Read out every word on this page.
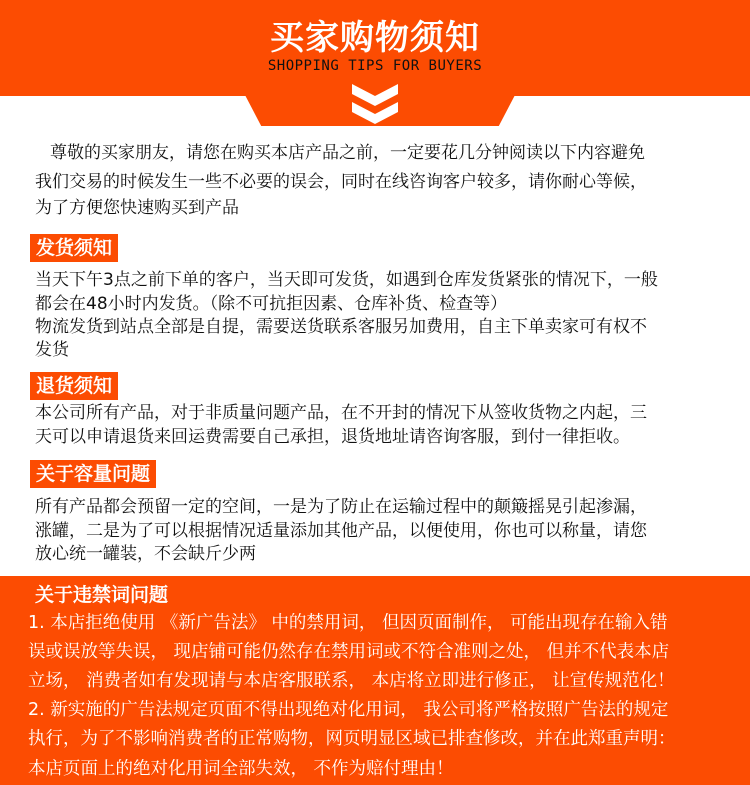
买家购物须知
SHOPPING TIPS FOR BUYERS
尊敬的买家朋友，请您在购买本店产品之前，一定要花几分钟阅读以下内容避免
我们交易的时候发生一些不必要的误会，同时在线咨询客户较多，请你耐心等候，
为了方便您快速购买到产品
发货须知
当天下午3点之前下单的客户，当天即可发货，如遇到仓库发货紧张的情况下，一般
都会在48小时内发货。（除不可抗拒因素、仓库补货、检查等）
物流发货到站点全部是自提，需要送货联系客服另加费用，自主下单卖家可有权不
发货
退货须知
本公司所有产品，对于非质量问题产品，在不开封的情况下从签收货物之内起，三
天可以申请退货来回运费需要自己承担，退货地址请咨询客服，到付一律拒收。
关于容量问题
所有产品都会预留一定的空间，一是为了防止在运输过程中的颠簸摇晃引起渗漏，
涨罐，二是为了可以根据情况适量添加其他产品，以便使用，你也可以称量，请您
放心统一罐装，不会缺斤少两
关于违禁词问题
1. 本店拒绝使用 《新广告法》 中的禁用词， 但因页面制作， 可能出现存在输入错
误或误放等失误， 现店铺可能仍然存在禁用词或不符合准则之处， 但并不代表本店
立场， 消费者如有发现请与本店客服联系， 本店将立即进行修正， 让宣传规范化！
2. 新实施的广告法规定页面不得出现绝对化用词， 我公司将严格按照广告法的规定
执行，为了不影响消费者的正常购物，网页明显区域已排查修改，并在此郑重声明：
本店页面上的绝对化用词全部失效， 不作为赔付理由！
